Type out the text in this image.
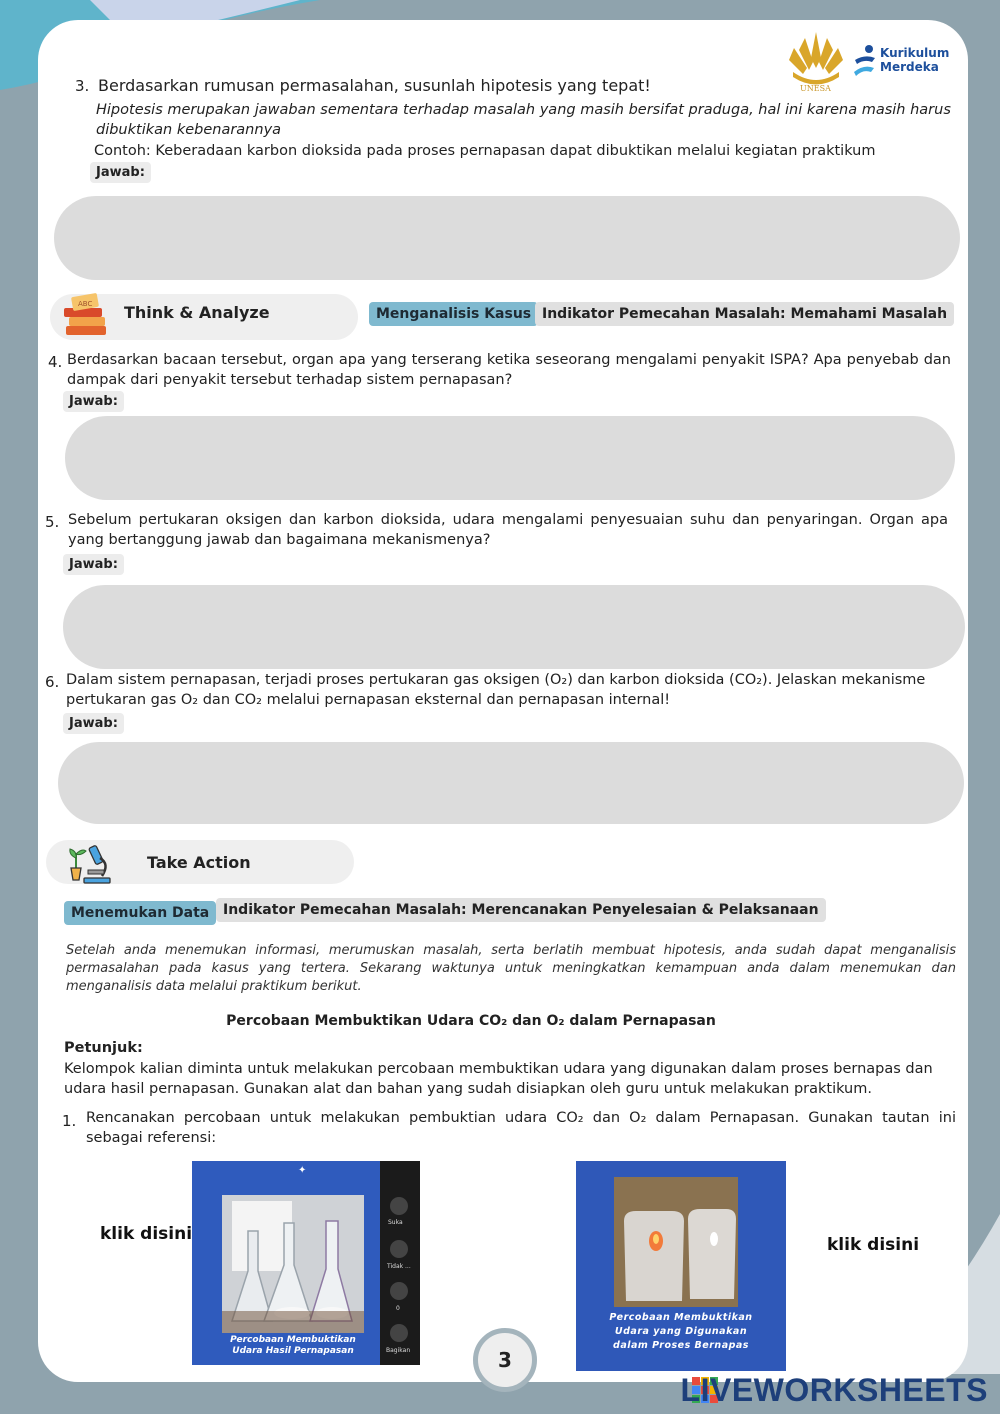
UNESA
Kurikulum
Merdeka
3. Berdasarkan rumusan permasalahan, susunlah hipotesis yang tepat!
Hipotesis merupakan jawaban sementara terhadap masalah yang masih bersifat praduga, hal ini karena masih harus dibuktikan kebenarannya
Contoh: Keberadaan karbon dioksida pada proses pernapasan dapat dibuktikan melalui kegiatan praktikum
Jawab:
ABC Think & Analyze	Menganalisis Kasus Indikator Pemecahan Masalah: Memahami Masalah
4. Berdasarkan bacaan tersebut, organ apa yang terserang ketika seseorang mengalami penyakit ISPA? Apa penyebab dan dampak dari penyakit tersebut terhadap sistem pernapasan?
Jawab:
5. Sebelum pertukaran oksigen dan karbon dioksida, udara mengalami penyesuaian suhu dan penyaringan. Organ apa yang bertanggung jawab dan bagaimana mekanismenya?
Jawab:
6. Dalam sistem pernapasan, terjadi proses pertukaran gas oksigen (O₂) dan karbon dioksida (CO₂). Jelaskan mekanisme pertukaran gas O₂ dan CO₂ melalui pernapasan eksternal dan pernapasan internal!
Jawab:
Take Action
Menemukan Data Indikator Pemecahan Masalah: Merencanakan Penyelesaian & Pelaksanaan
Setelah anda menemukan informasi, merumuskan masalah, serta berlatih membuat hipotesis, anda sudah dapat menganalisis permasalahan pada kasus yang tertera. Sekarang waktunya untuk meningkatkan kemampuan anda dalam menemukan dan menganalisis data melalui praktikum berikut.
Percobaan Membuktikan Udara CO₂ dan O₂ dalam Pernapasan
Petunjuk:
Kelompok kalian diminta untuk melakukan percobaan membuktikan udara yang digunakan dalam proses bernapas dan udara hasil pernapasan. Gunakan alat dan bahan yang sudah disiapkan oleh guru untuk melakukan praktikum.
1. Rencanakan percobaan untuk melakukan pembuktian udara CO₂ dan O₂ dalam Pernapasan. Gunakan tautan ini sebagai referensi:
klik disini
✦
Suka
Tidak ...
0
Bagikan
Percobaan Membuktikan
Udara Hasil Pernapasan
Percobaan Membuktikan
Udara yang Digunakan
dalam Proses Bernapas
klik disini
3
LIVEWORKSHEETS
